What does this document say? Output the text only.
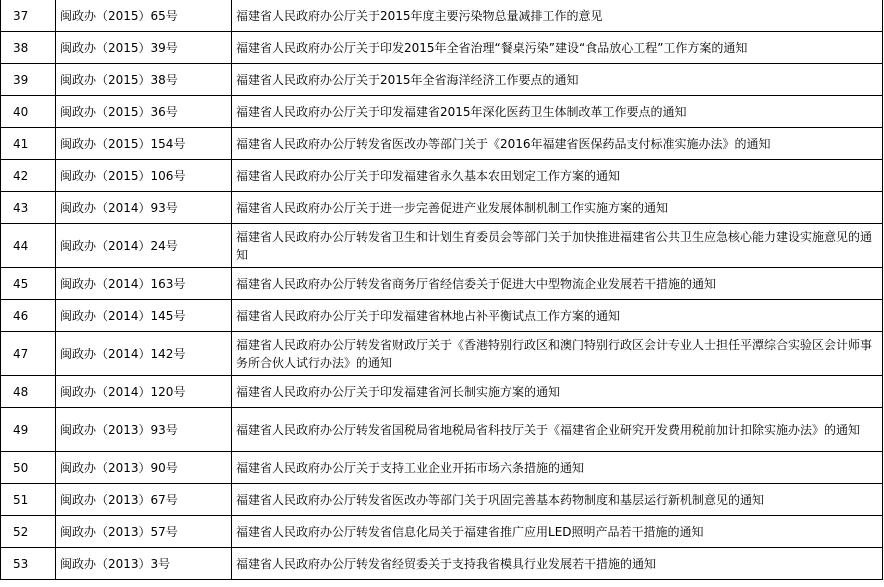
37	闽政办（2015）65号	福建省人民政府办公厅关于2015年度主要污染物总量减排工作的意见
38	闽政办（2015）39号	福建省人民政府办公厅关于印发2015年全省治理“餐桌污染”建设“食品放心工程”工作方案的通知
39	闽政办（2015）38号	福建省人民政府办公厅关于2015年全省海洋经济工作要点的通知
40	闽政办（2015）36号	福建省人民政府办公厅关于印发福建省2015年深化医药卫生体制改革工作要点的通知
41	闽政办（2015）154号	福建省人民政府办公厅转发省医改办等部门关于《2016年福建省医保药品支付标准实施办法》的通知
42	闽政办（2015）106号	福建省人民政府办公厅关于印发福建省永久基本农田划定工作方案的通知
43	闽政办（2014）93号	福建省人民政府办公厅关于进一步完善促进产业发展体制机制工作实施方案的通知
44	闽政办（2014）24号	福建省人民政府办公厅转发省卫生和计划生育委员会等部门关于加快推进福建省公共卫生应急核心能力建设实施意见的通知
45	闽政办（2014）163号	福建省人民政府办公厅转发省商务厅省经信委关于促进大中型物流企业发展若干措施的通知
46	闽政办（2014）145号	福建省人民政府办公厅关于印发福建省林地占补平衡试点工作方案的通知
47	闽政办（2014）142号	福建省人民政府办公厅转发省财政厅关于《香港特别行政区和澳门特别行政区会计专业人士担任平潭综合实验区会计师事务所合伙人试行办法》的通知
48	闽政办（2014）120号	福建省人民政府办公厅关于印发福建省河长制实施方案的通知
49	闽政办（2013）93号	福建省人民政府办公厅转发省国税局省地税局省科技厅关于《福建省企业研究开发费用税前加计扣除实施办法》的通知
50	闽政办（2013）90号	福建省人民政府办公厅关于支持工业企业开拓市场六条措施的通知
51	闽政办（2013）67号	福建省人民政府办公厅转发省医改办等部门关于巩固完善基本药物制度和基层运行新机制意见的通知
52	闽政办（2013）57号	福建省人民政府办公厅转发省信息化局关于福建省推广应用LED照明产品若干措施的通知
53	闽政办（2013）3号	福建省人民政府办公厅转发省经贸委关于支持我省模具行业发展若干措施的通知
